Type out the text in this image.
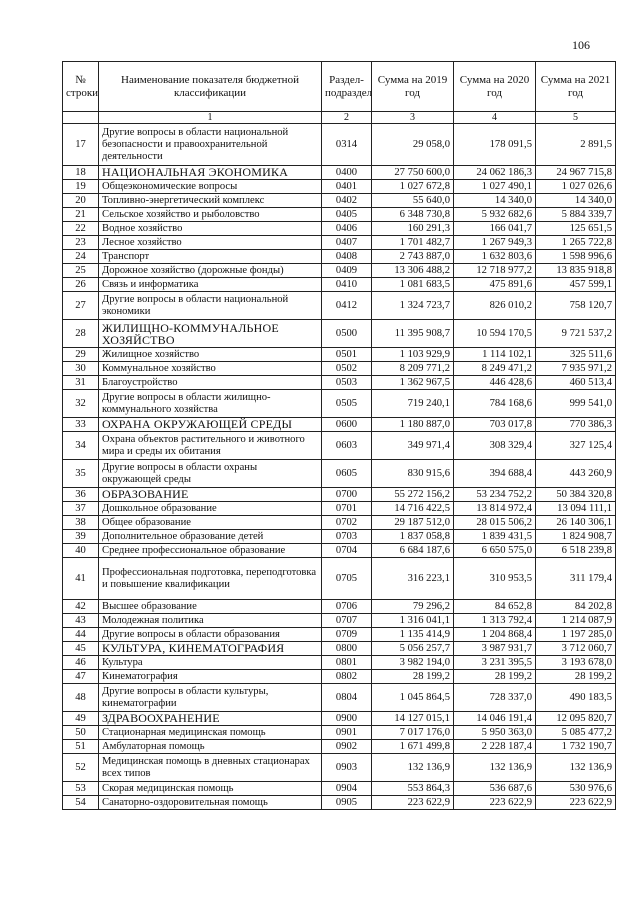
106
№ строки	Наименование показателя бюджетной классификации	Раздел-подраздел	Сумма на 2019 год	Сумма на 2020 год	Сумма на 2021 год
	1	2	3	4	5
17	Другие вопросы в области национальной безопасности и правоохранительной деятельности	0314	29 058,0	178 091,5	2 891,5
18	НАЦИОНАЛЬНАЯ ЭКОНОМИКА	0400	27 750 600,0	24 062 186,3	24 967 715,8
19	Общеэкономические вопросы	0401	1 027 672,8	1 027 490,1	1 027 026,6
20	Топливно-энергетический комплекс	0402	55 640,0	14 340,0	14 340,0
21	Сельское хозяйство и рыболовство	0405	6 348 730,8	5 932 682,6	5 884 339,7
22	Водное хозяйство	0406	160 291,3	166 041,7	125 651,5
23	Лесное хозяйство	0407	1 701 482,7	1 267 949,3	1 265 722,8
24	Транспорт	0408	2 743 887,0	1 632 803,6	1 598 996,6
25	Дорожное хозяйство (дорожные фонды)	0409	13 306 488,2	12 718 977,2	13 835 918,8
26	Связь и информатика	0410	1 081 683,5	475 891,6	457 599,1
27	Другие вопросы в области национальной экономики	0412	1 324 723,7	826 010,2	758 120,7
28	ЖИЛИЩНО-КОММУНАЛЬНОЕ ХОЗЯЙСТВО	0500	11 395 908,7	10 594 170,5	9 721 537,2
29	Жилищное хозяйство	0501	1 103 929,9	1 114 102,1	325 511,6
30	Коммунальное хозяйство	0502	8 209 771,2	8 249 471,2	7 935 971,2
31	Благоустройство	0503	1 362 967,5	446 428,6	460 513,4
32	Другие вопросы в области жилищно-коммунального хозяйства	0505	719 240,1	784 168,6	999 541,0
33	ОХРАНА ОКРУЖАЮЩЕЙ СРЕДЫ	0600	1 180 887,0	703 017,8	770 386,3
34	Охрана объектов растительного и животного мира и среды их обитания	0603	349 971,4	308 329,4	327 125,4
35	Другие вопросы в области охраны окружающей среды	0605	830 915,6	394 688,4	443 260,9
36	ОБРАЗОВАНИЕ	0700	55 272 156,2	53 234 752,2	50 384 320,8
37	Дошкольное образование	0701	14 716 422,5	13 814 972,4	13 094 111,1
38	Общее образование	0702	29 187 512,0	28 015 506,2	26 140 306,1
39	Дополнительное образование детей	0703	1 837 058,8	1 839 431,5	1 824 908,7
40	Среднее профессиональное образование	0704	6 684 187,6	6 650 575,0	6 518 239,8
41	Профессиональная подготовка, переподготовка и повышение квалификации	0705	316 223,1	310 953,5	311 179,4
42	Высшее образование	0706	79 296,2	84 652,8	84 202,8
43	Молодежная политика	0707	1 316 041,1	1 313 792,4	1 214 087,9
44	Другие вопросы в области образования	0709	1 135 414,9	1 204 868,4	1 197 285,0
45	КУЛЬТУРА, КИНЕМАТОГРАФИЯ	0800	5 056 257,7	3 987 931,7	3 712 060,7
46	Культура	0801	3 982 194,0	3 231 395,5	3 193 678,0
47	Кинематография	0802	28 199,2	28 199,2	28 199,2
48	Другие вопросы в области культуры, кинематографии	0804	1 045 864,5	728 337,0	490 183,5
49	ЗДРАВООХРАНЕНИЕ	0900	14 127 015,1	14 046 191,4	12 095 820,7
50	Стационарная медицинская помощь	0901	7 017 176,0	5 950 363,0	5 085 477,2
51	Амбулаторная помощь	0902	1 671 499,8	2 228 187,4	1 732 190,7
52	Медицинская помощь в дневных стационарах всех типов	0903	132 136,9	132 136,9	132 136,9
53	Скорая медицинская помощь	0904	553 864,3	536 687,6	530 976,6
54	Санаторно-оздоровительная помощь	0905	223 622,9	223 622,9	223 622,9
